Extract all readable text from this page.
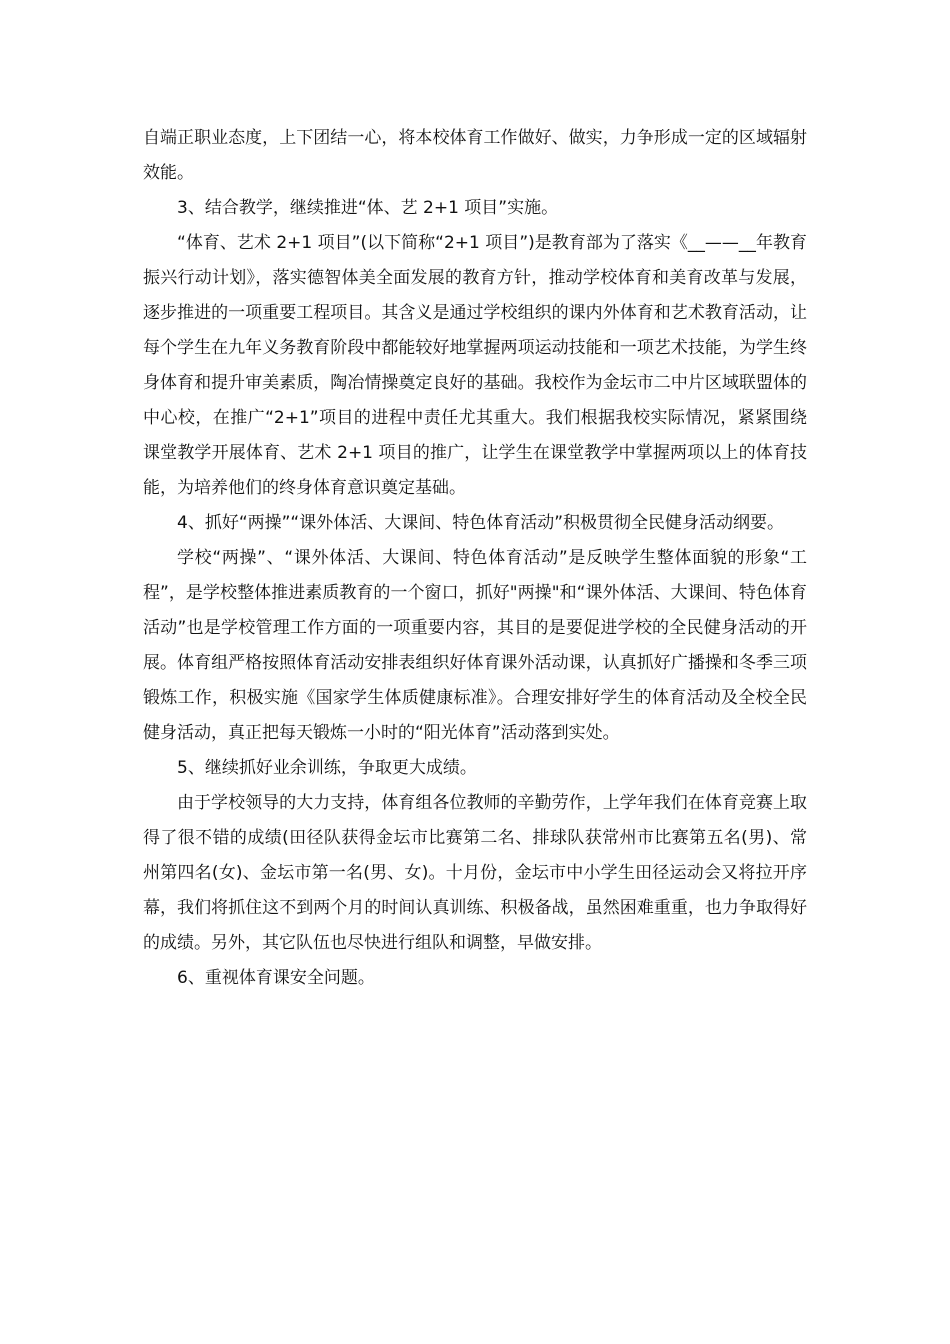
自端正职业态度，上下团结一心，将本校体育工作做好、做实，力争形成一定的区域辐射效能。

3、结合教学，继续推进“体、艺 2+1 项目”实施。

“体育、艺术 2+1 项目”(以下简称“2+1 项目”)是教育部为了落实《__——__年教育振兴行动计划》，落实德智体美全面发展的教育方针，推动学校体育和美育改革与发展，逐步推进的一项重要工程项目。其含义是通过学校组织的课内外体育和艺术教育活动，让每个学生在九年义务教育阶段中都能较好地掌握两项运动技能和一项艺术技能，为学生终身体育和提升审美素质，陶冶情操奠定良好的基础。我校作为金坛市二中片区域联盟体的中心校，在推广“2+1”项目的进程中责任尤其重大。我们根据我校实际情况，紧紧围绕课堂教学开展体育、艺术 2+1 项目的推广，让学生在课堂教学中掌握两项以上的体育技能，为培养他们的终身体育意识奠定基础。

4、抓好“两操”“课外体活、大课间、特色体育活动”积极贯彻全民健身活动纲要。

学校“两操”、“课外体活、大课间、特色体育活动”是反映学生整体面貌的形象“工程”，是学校整体推进素质教育的一个窗口，抓好"两操"和“课外体活、大课间、特色体育活动”也是学校管理工作方面的一项重要内容，其目的是要促进学校的全民健身活动的开展。体育组严格按照体育活动安排表组织好体育课外活动课，认真抓好广播操和冬季三项锻炼工作，积极实施《国家学生体质健康标准》。合理安排好学生的体育活动及全校全民健身活动，真正把每天锻炼一小时的“阳光体育”活动落到实处。

5、继续抓好业余训练，争取更大成绩。

由于学校领导的大力支持，体育组各位教师的辛勤劳作，上学年我们在体育竞赛上取得了很不错的成绩(田径队获得金坛市比赛第二名、排球队获常州市比赛第五名(男)、常州第四名(女)、金坛市第一名(男、女)。十月份，金坛市中小学生田径运动会又将拉开序幕，我们将抓住这不到两个月的时间认真训练、积极备战，虽然困难重重，也力争取得好的成绩。另外，其它队伍也尽快进行组队和调整，早做安排。

6、重视体育课安全问题。
